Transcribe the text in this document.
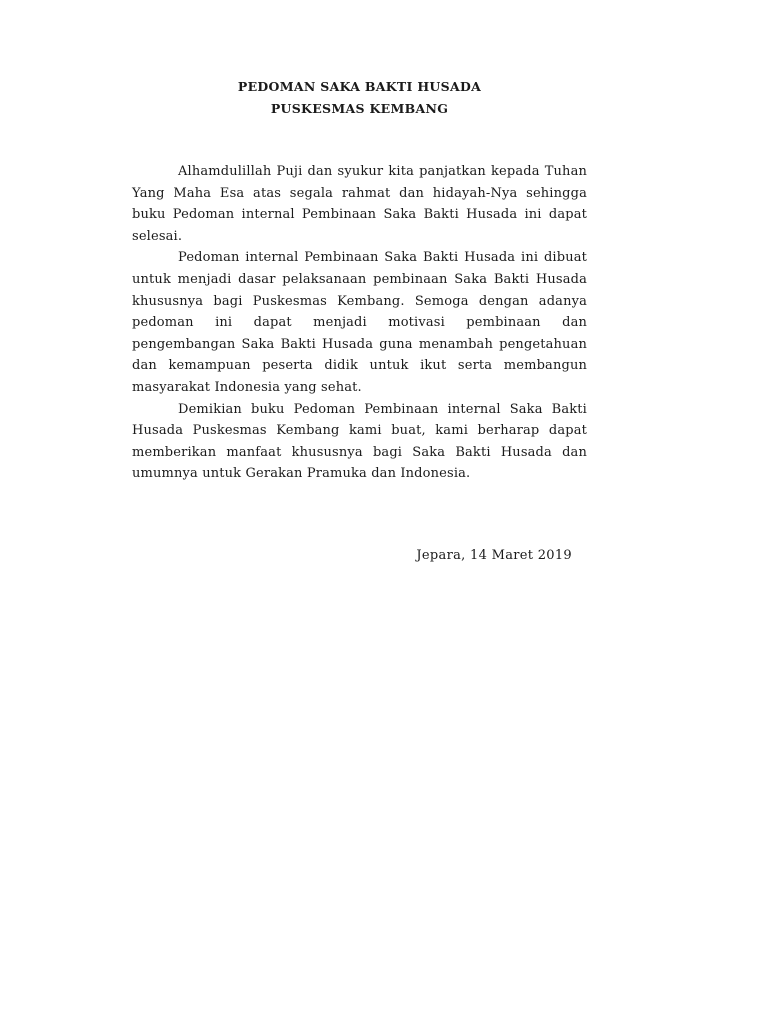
PEDOMAN SAKA BAKTI HUSADA
PUSKESMAS KEMBANG

Alhamdulillah Puji dan syukur kita panjatkan kepada Tuhan Yang Maha Esa atas segala rahmat dan hidayah-Nya sehingga buku Pedoman internal Pembinaan Saka Bakti Husada ini dapat selesai.

Pedoman internal Pembinaan Saka Bakti Husada ini dibuat untuk menjadi dasar pelaksanaan pembinaan Saka Bakti Husada khususnya bagi Puskesmas Kembang. Semoga dengan adanya pedoman ini dapat menjadi motivasi pembinaan dan pengembangan Saka Bakti Husada guna menambah pengetahuan dan kemampuan peserta didik untuk ikut serta membangun masyarakat Indonesia yang sehat.

Demikian buku Pedoman Pembinaan internal Saka Bakti Husada Puskesmas Kembang kami buat, kami berharap dapat memberikan manfaat khususnya bagi Saka Bakti Husada dan umumnya untuk Gerakan Pramuka dan Indonesia.

Jepara, 14 Maret 2019
